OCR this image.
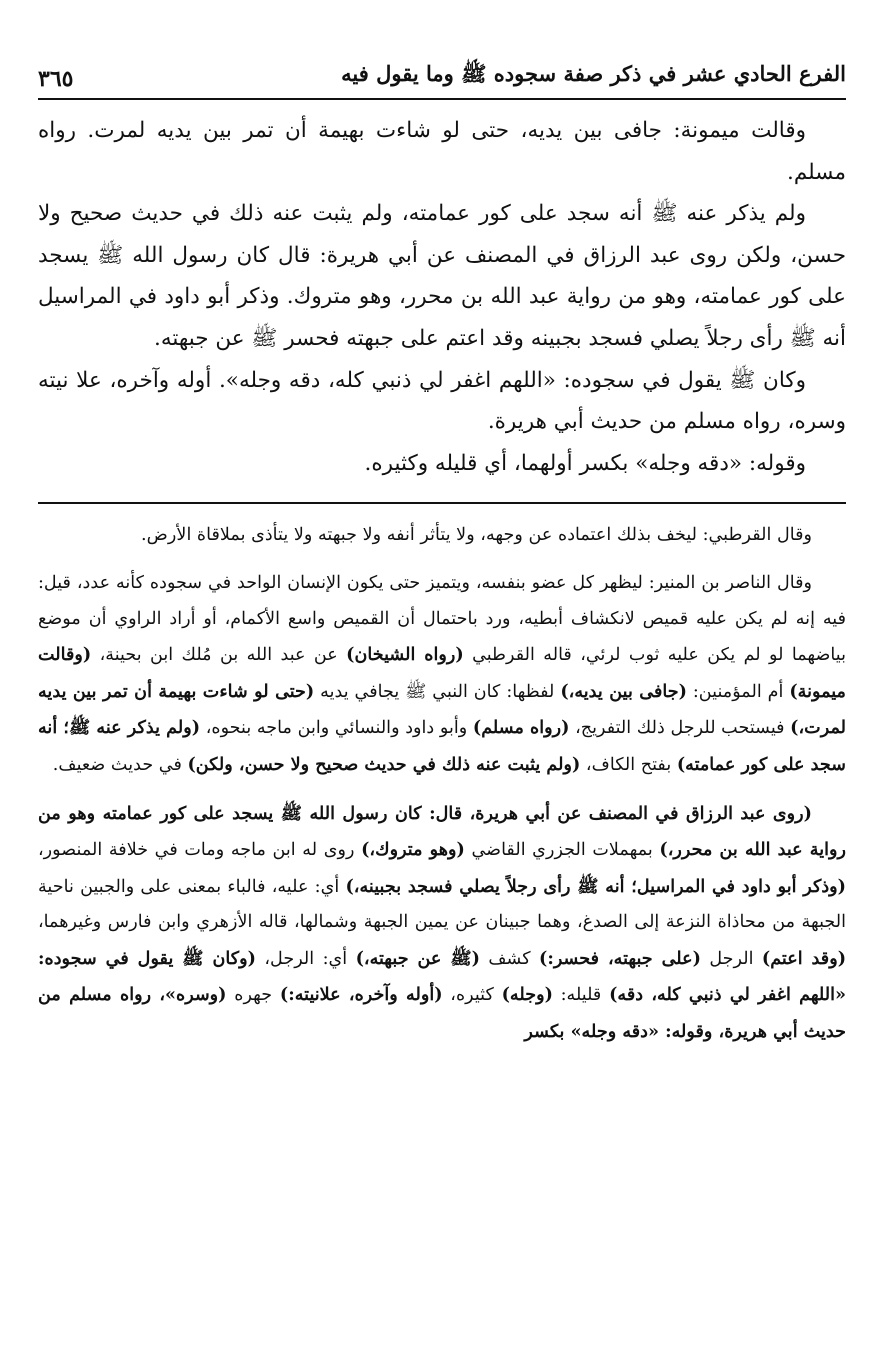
الفرع الحادي عشر في ذكر صفة سجوده ﷺ وما يقول فيه
٣٦٥

وقالت ميمونة: جافى بين يديه، حتى لو شاءت بهيمة أن تمر بين يديه لمرت. رواه مسلم.

ولم يذكر عنه ﷺ أنه سجد على كور عمامته، ولم يثبت عنه ذلك في حديث صحيح ولا حسن، ولكن روى عبد الرزاق في المصنف عن أبي هريرة: قال كان رسول الله ﷺ يسجد على كور عمامته، وهو من رواية عبد الله بن محرر، وهو متروك. وذكر أبو داود في المراسيل أنه ﷺ رأى رجلاً يصلي فسجد بجبينه وقد اعتم على جبهته فحسر ﷺ عن جبهته.

وكان ﷺ يقول في سجوده: «اللهم اغفر لي ذنبي كله، دقه وجله». أوله وآخره، علا نيته وسره، رواه مسلم من حديث أبي هريرة.

وقوله: «دقه وجله» بكسر أولهما، أي قليله وكثيره.

وقال القرطبي: ليخف بذلك اعتماده عن وجهه، ولا يتأثر أنفه ولا جبهته ولا يتأذى بملاقاة الأرض.

وقال الناصر بن المنير: ليظهر كل عضو بنفسه، ويتميز حتى يكون الإنسان الواحد في سجوده كأنه عدد، قيل: فيه إنه لم يكن عليه قميص لانكشاف أبطيه، ورد باحتمال أن القميص واسع الأكمام، أو أراد الراوي أن موضع بياضهما لو لم يكن عليه ثوب لرئي، قاله القرطبي (رواه الشيخان) عن عبد الله بن مُلك ابن بحينة، (وقالت ميمونة) أم المؤمنين: (جافى بين يديه،) لفظها: كان النبي ﷺ يجافي يديه (حتى لو شاءت بهيمة أن تمر بين يديه لمرت،) فيستحب للرجل ذلك التفريج، (رواه مسلم) وأبو داود والنسائي وابن ماجه بنحوه، (ولم يذكر عنه ﷺ؛ أنه سجد على كور عمامته) بفتح الكاف، (ولم يثبت عنه ذلك في حديث صحيح ولا حسن، ولكن) في حديث ضعيف.

(روى عبد الرزاق في المصنف عن أبي هريرة، قال: كان رسول الله ﷺ يسجد على كور عمامته وهو من رواية عبد الله بن محرر،) بمهملات الجزري القاضي (وهو متروك،) روى له ابن ماجه ومات في خلافة المنصور، (وذكر أبو داود في المراسيل؛ أنه ﷺ رأى رجلاً يصلي فسجد بجبينه،) أي: عليه، فالباء بمعنى على والجبين ناحية الجبهة من محاذاة النزعة إلى الصدغ، وهما جبينان عن يمين الجبهة وشمالها، قاله الأزهري وابن فارس وغيرهما، (وقد اعتم) الرجل (على جبهته، فحسر:) كشف (ﷺ عن جبهته،) أي: الرجل، (وكان ﷺ يقول في سجوده: «اللهم اغفر لي ذنبي كله، دقه) قليله: (وجله) كثيره، (أوله وآخره، علانيته:) جهره (وسره»، رواه مسلم من حديث أبي هريرة، وقوله: «دقه وجله» بكسر
